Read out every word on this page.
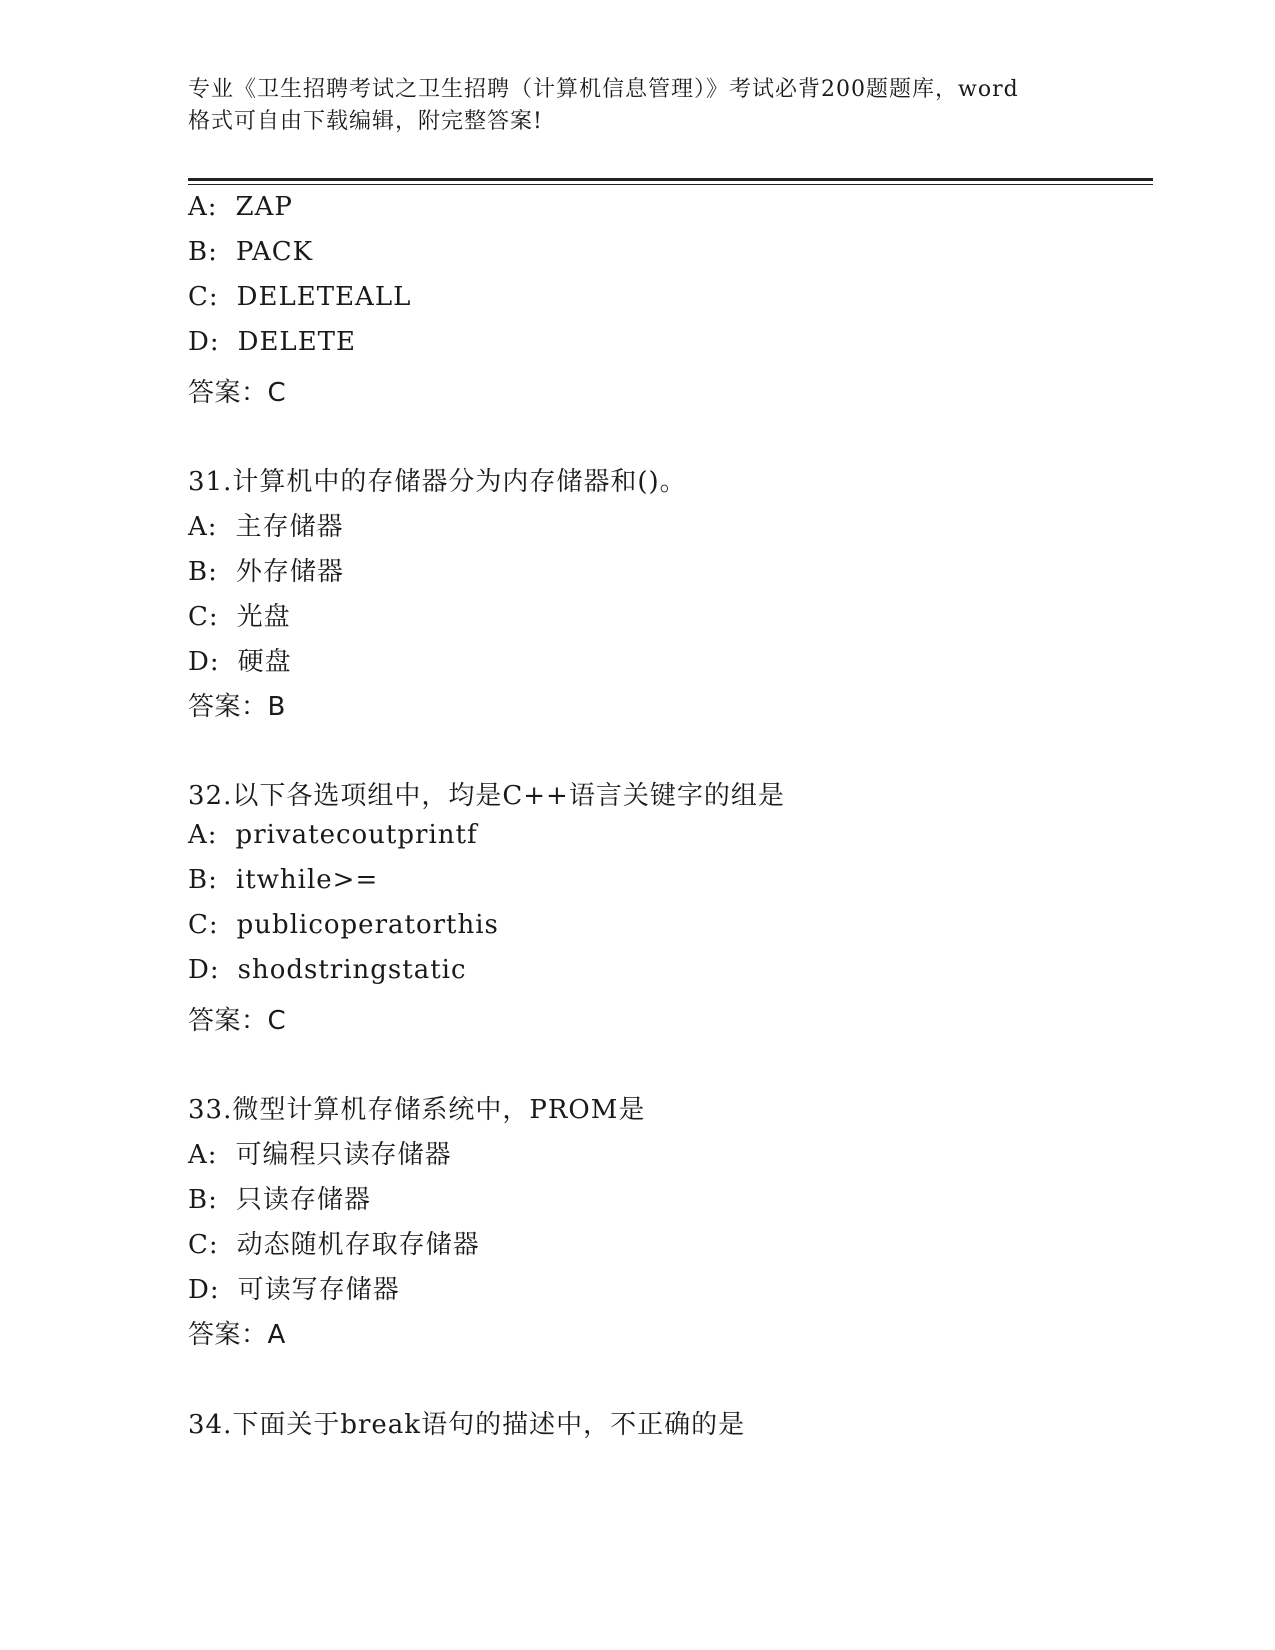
专业《卫生招聘考试之卫生招聘（计算机信息管理）》考试必背200题题库，word
格式可自由下载编辑，附完整答案!
A: ZAP
B: PACK
C: DELETEALL
D: DELETE
答案：C
31.计算机中的存储器分为内存储器和()。
A: 主存储器
B: 外存储器
C: 光盘
D: 硬盘
答案：B
32.以下各选项组中，均是C++语言关键字的组是
A: privatecoutprintf
B: itwhile>=
C: publicoperatorthis
D: shodstringstatic
答案：C
33.微型计算机存储系统中，PROM是
A: 可编程只读存储器
B: 只读存储器
C: 动态随机存取存储器
D: 可读写存储器
答案：A
34.下面关于break语句的描述中，不正确的是
